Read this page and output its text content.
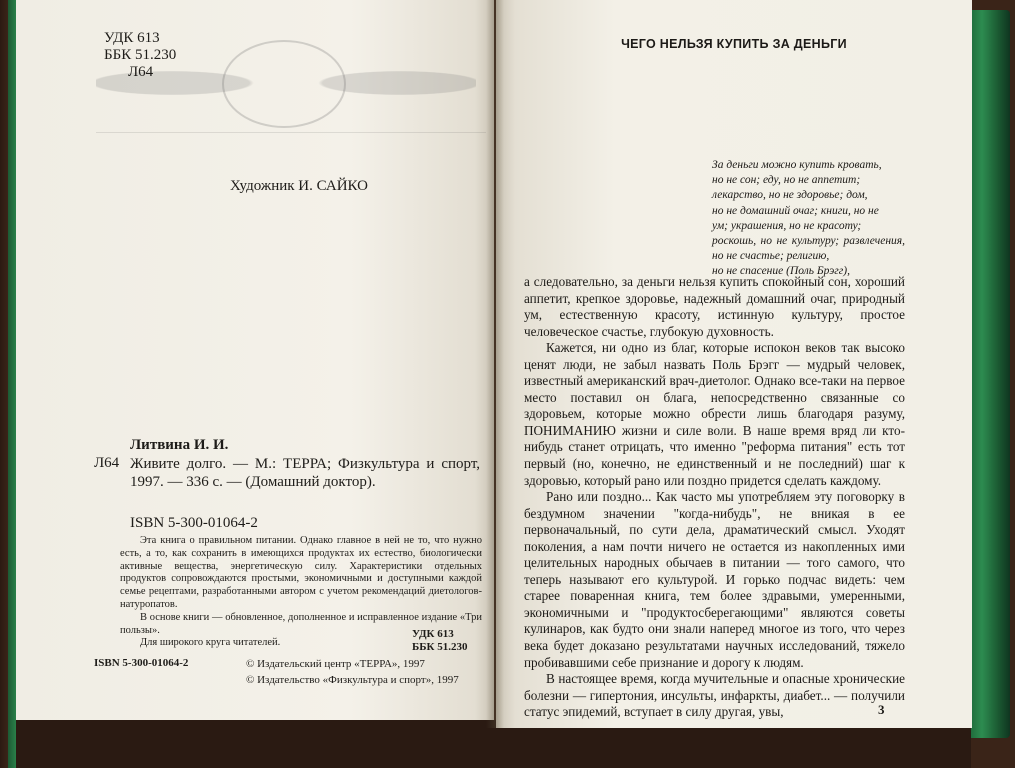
УДК 613
ББК 51.230
Л64
Художник И. САЙКО
Литвина И. И.
Л64 Живите долго. — М.: ТЕРРА; Физкультура и спорт, 1997. — 336 с. — (Домашний доктор).
ISBN 5-300-01064-2

Эта книга о правильном питании. Однако главное в ней не то, что нужно есть, а то, как сохранить в имеющихся продуктах их естество, биологически активные вещества, энергетическую силу. Характеристики отдельных продуктов сопровождаются простыми, экономичными и доступными каждой семье рецептами, разработанными автором с учетом рекомендаций диетологов-натуропатов.

В основе книги — обновленное, дополненное и исправленное издание «Три пользы».

Для широкого круга читателей.

УДК 613
ББК 51.230
ISBN 5-300-01064-2	© Издательский центр «ТЕРРА», 1997
© Издательство «Физкультура и спорт», 1997
ЧЕГО НЕЛЬЗЯ КУПИТЬ ЗА ДЕНЬГИ
За деньги можно купить кровать,
но не сон; еду, но не аппетит;
лекарство, но не здоровье; дом,
но не домашний очаг; книги, но не
ум; украшения, но не красоту;
роскошь, но не культуру; развлечения, но не счастье; религию,
но не спасение (Поль Брэгг),

а следовательно, за деньги нельзя купить спокойный сон, хороший аппетит, крепкое здоровье, надежный домашний очаг, природный ум, естественную красоту, истинную культуру, простое человеческое счастье, глубокую духовность.

Кажется, ни одно из благ, которые испокон веков так высоко ценят люди, не забыл назвать Поль Брэгг — мудрый человек, известный американский врач-диетолог. Однако все-таки на первое место поставил он блага, непосредственно связанные со здоровьем, которые можно обрести лишь благодаря разуму, ПОНИМАНИЮ жизни и силе воли. В наше время вряд ли кто-нибудь станет отрицать, что именно "реформа питания" есть тот первый (но, конечно, не единственный и не последний) шаг к здоровью, который рано или поздно придется сделать каждому.

Рано или поздно... Как часто мы употребляем эту поговорку в бездумном значении "когда-нибудь", не вникая в ее первоначальный, по сути дела, драматический смысл. Уходят поколения, а нам почти ничего не остается из накопленных ими целительных народных обычаев в питании — того самого, что теперь называют его культурой. И горько подчас видеть: чем старее поваренная книга, тем более здравыми, умеренными, экономичными и "продуктосберегающими" являются советы кулинаров, как будто они знали наперед многое из того, что через века будет доказано результатами научных исследований, тяжело пробивавшими себе признание и дорогу к людям.

В настоящее время, когда мучительные и опасные хронические болезни — гипертония, инсульты, инфаркты, диабет... — получили статус эпидемий, вступает в силу другая, увы,	3
